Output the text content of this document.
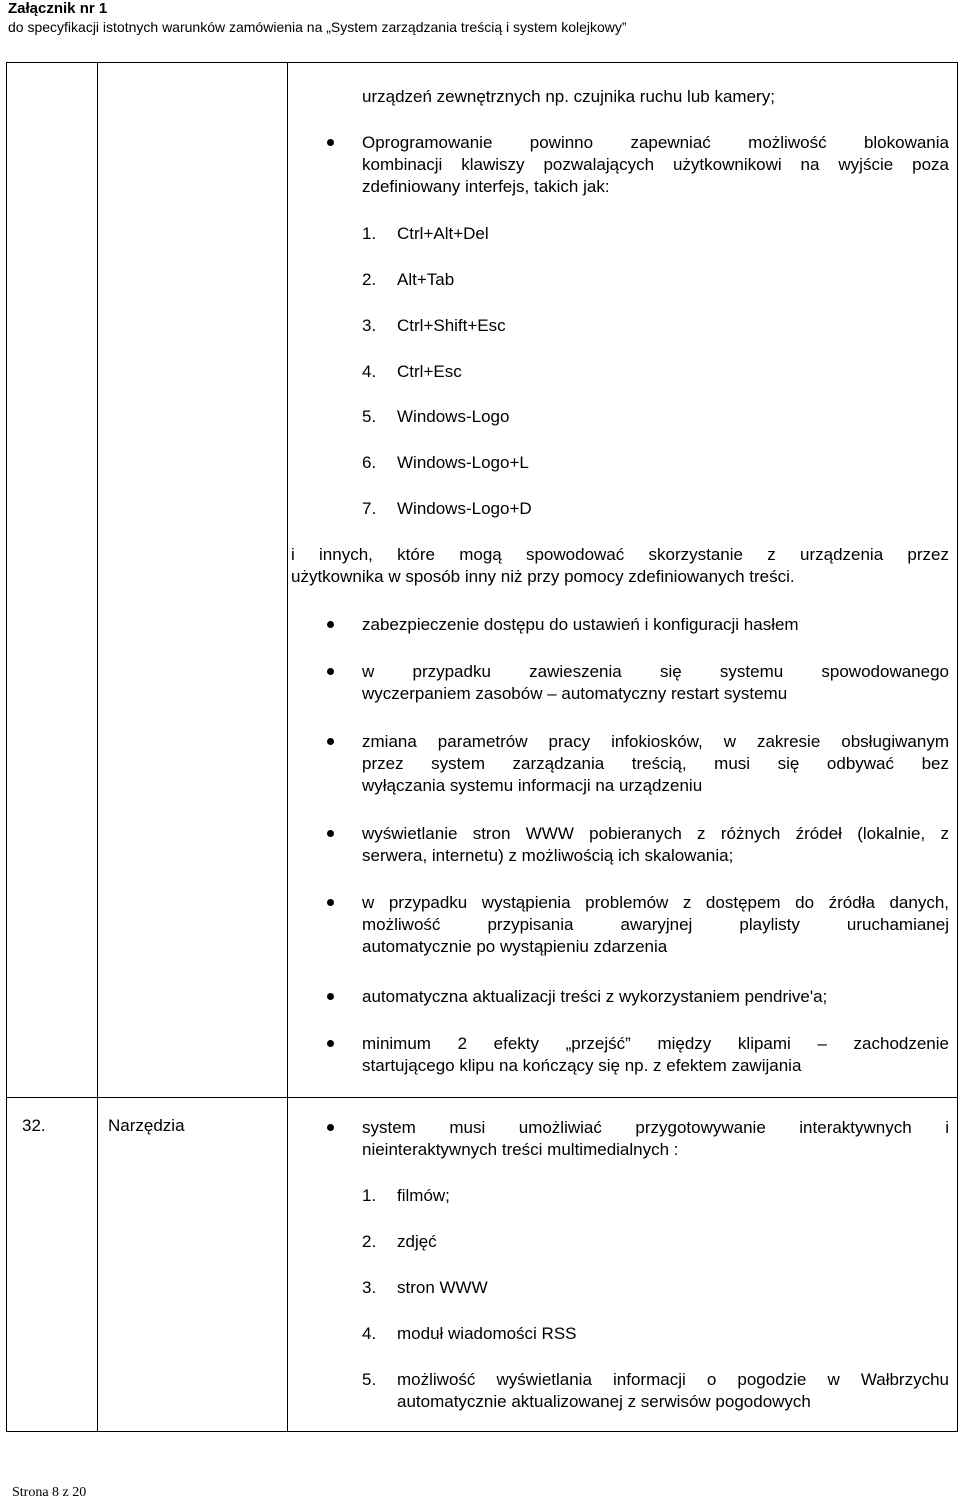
Załącznik nr 1
do specyfikacji istotnych warunków zamówienia na „System zarządzania treścią i system kolejkowy”
urządzeń zewnętrznych np. czujnika ruchu lub kamery;
Oprogramowanie powinno zapewniać możliwość blokowania
kombinacji klawiszy pozwalających użytkownikowi na wyjście poza
zdefiniowany interfejs, takich jak:
1. Ctrl+Alt+Del
2. Alt+Tab
3. Ctrl+Shift+Esc
4. Ctrl+Esc
5. Windows-Logo
6. Windows-Logo+L
7. Windows-Logo+D
i innych, które mogą spowodować skorzystanie z urządzenia przez
użytkownika w sposób inny niż przy pomocy zdefiniowanych treści.
zabezpieczenie dostępu do ustawień i konfiguracji hasłem
w przypadku zawieszenia się systemu spowodowanego
wyczerpaniem zasobów – automatyczny restart systemu
zmiana parametrów pracy infokiosków, w zakresie obsługiwanym
przez system zarządzania treścią, musi się odbywać bez
wyłączania systemu informacji na urządzeniu
wyświetlanie stron WWW pobieranych z różnych źródeł (lokalnie, z
serwera, internetu) z możliwością ich skalowania;
w przypadku wystąpienia problemów z dostępem do źródła danych,
możliwość przypisania awaryjnej playlisty uruchamianej
automatycznie po wystąpieniu zdarzenia
automatyczna aktualizacji treści z wykorzystaniem pendrive'a;
minimum 2 efekty „przejść” między klipami – zachodzenie
startującego klipu na kończący się np. z efektem zawijania
32.	Narzędzia	system musi umożliwiać przygotowywanie interaktywnych i
nieinteraktywnych treści multimedialnych :
1. filmów;
2. zdjęć
3. stron WWW
4. moduł wiadomości RSS
5. możliwość wyświetlania informacji o pogodzie w Wałbrzychu
automatycznie aktualizowanej z serwisów pogodowych
Strona 8 z 20
